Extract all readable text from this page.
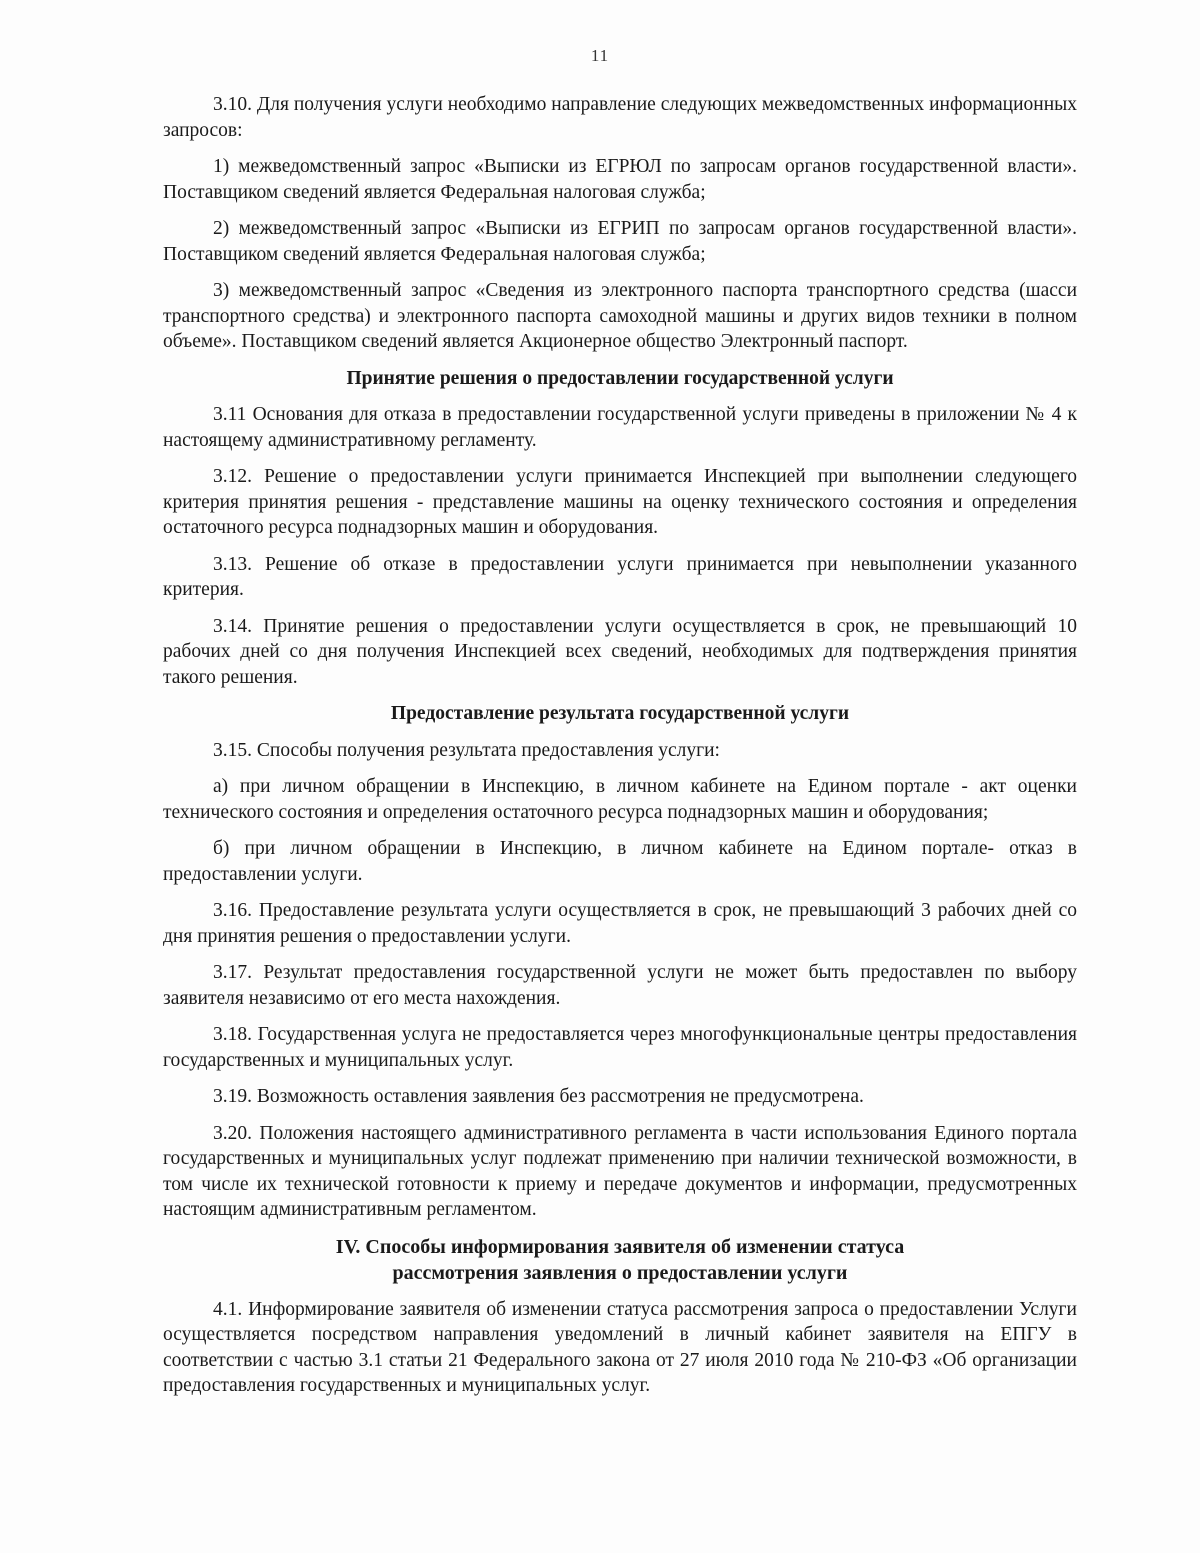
11

3.10. Для получения услуги необходимо направление следующих межведомственных информационных запросов:

1) межведомственный запрос «Выписки из ЕГРЮЛ по запросам органов государственной власти». Поставщиком сведений является Федеральная налоговая служба;

2) межведомственный запрос «Выписки из ЕГРИП по запросам органов государственной власти». Поставщиком сведений является Федеральная налоговая служба;

3) межведомственный запрос «Сведения из электронного паспорта транспортного средства (шасси транспортного средства) и электронного паспорта самоходной машины и других видов техники в полном объеме». Поставщиком сведений является Акционерное общество Электронный паспорт.

Принятие решения о предоставлении государственной услуги

3.11 Основания для отказа в предоставлении государственной услуги приведены в приложении № 4 к настоящему административному регламенту.

3.12. Решение о предоставлении услуги принимается Инспекцией при выполнении следующего критерия принятия решения - представление машины на оценку технического состояния и определения остаточного ресурса поднадзорных машин и оборудования.

3.13. Решение об отказе в предоставлении услуги принимается при невыполнении указанного критерия.

3.14. Принятие решения о предоставлении услуги осуществляется в срок, не превышающий 10 рабочих дней со дня получения Инспекцией всех сведений, необходимых для подтверждения принятия такого решения.

Предоставление результата государственной услуги

3.15. Способы получения результата предоставления услуги:

а) при личном обращении в Инспекцию, в личном кабинете на Едином портале - акт оценки технического состояния и определения остаточного ресурса поднадзорных машин и оборудования;

б) при личном обращении в Инспекцию, в личном кабинете на Едином портале- отказ в предоставлении услуги.

3.16. Предоставление результата услуги осуществляется в срок, не превышающий 3 рабочих дней со дня принятия решения о предоставлении услуги.

3.17. Результат предоставления государственной услуги не может быть предоставлен по выбору заявителя независимо от его места нахождения.

3.18. Государственная услуга не предоставляется через многофункциональные центры предоставления государственных и муниципальных услуг.

3.19. Возможность оставления заявления без рассмотрения не предусмотрена.

3.20. Положения настоящего административного регламента в части использования Единого портала государственных и муниципальных услуг подлежат применению при наличии технической возможности, в том числе их технической готовности к приему и передаче документов и информации, предусмотренных настоящим административным регламентом.

IV. Способы информирования заявителя об изменении статуса
рассмотрения заявления о предоставлении услуги

4.1. Информирование заявителя об изменении статуса рассмотрения запроса о предоставлении Услуги осуществляется посредством направления уведомлений в личный кабинет заявителя на ЕПГУ в соответствии с частью 3.1 статьи 21 Федерального закона от 27 июля 2010 года № 210-ФЗ «Об организации предоставления государственных и муниципальных услуг.
